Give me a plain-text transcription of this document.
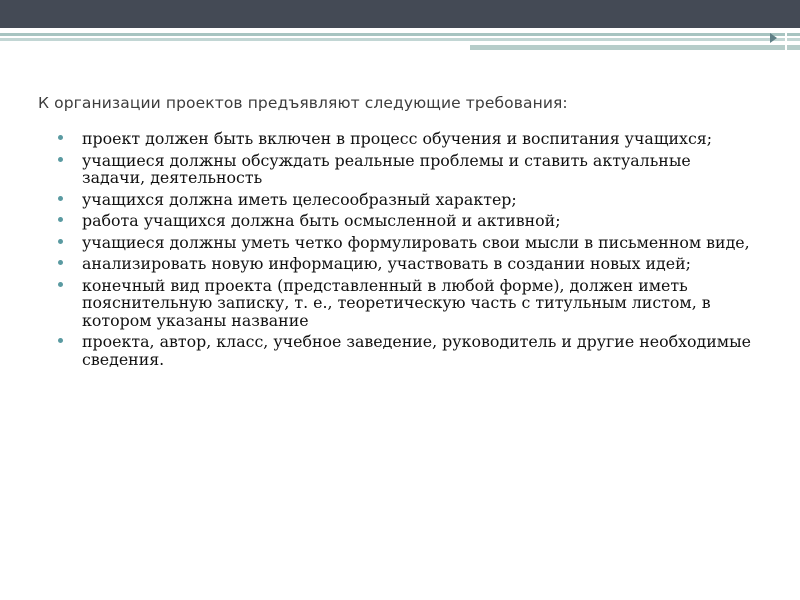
К организации проектов предъявляют следующие требования:
проект должен быть включен в процесс обучения и воспитания учащихся;
учащиеся должны обсуждать реальные проблемы и ставить актуальные задачи, деятельность
учащихся должна иметь целесообразный характер;
работа учащихся должна быть осмысленной и активной;
учащиеся должны уметь четко формулировать свои мысли в письменном виде,
анализировать новую информацию, участвовать в создании новых идей;
конечный вид проекта (представленный в любой форме), должен иметь пояснительную записку, т. е., теоретическую часть с титульным листом, в котором указаны название
проекта, автор, класс, учебное заведение, руководитель и другие необходимые сведения.
